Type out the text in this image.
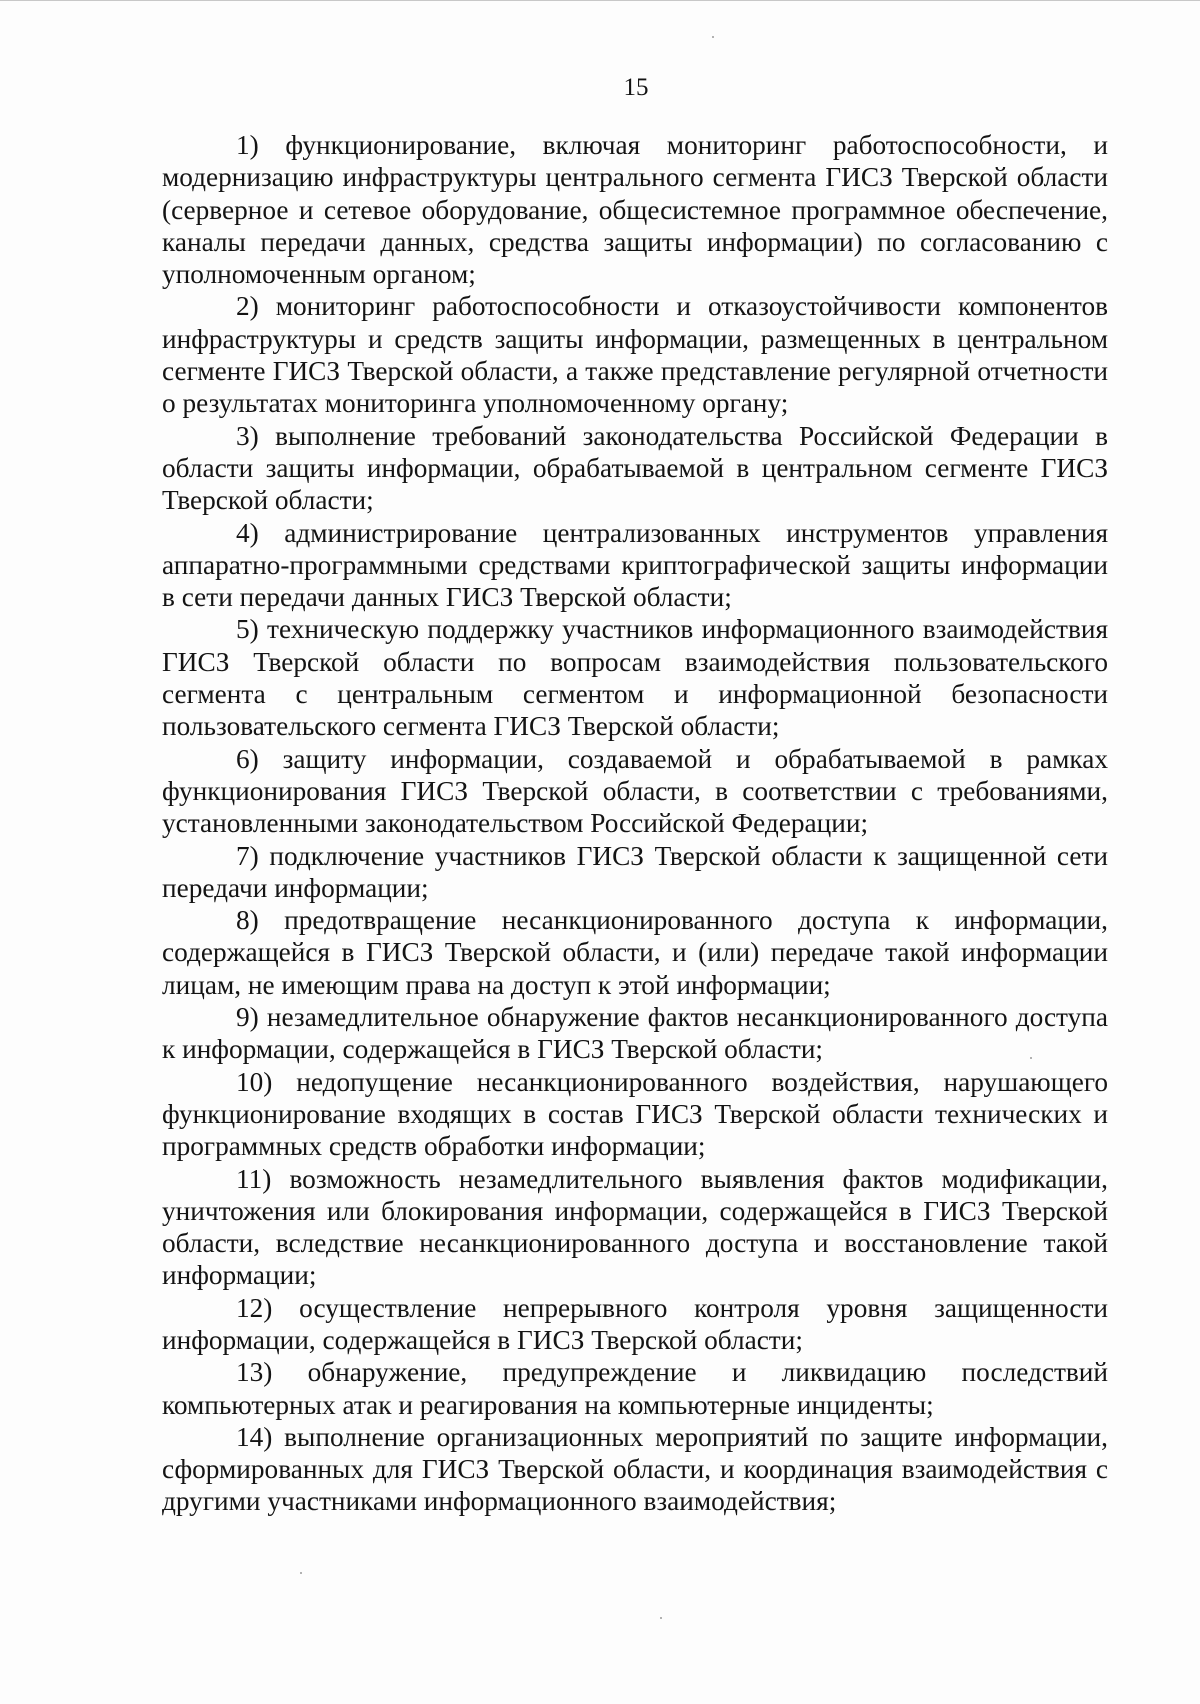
15

1) функционирование, включая мониторинг работоспособности, и модернизацию инфраструктуры центрального сегмента ГИСЗ Тверской области (серверное и сетевое оборудование, общесистемное программное обеспечение, каналы передачи данных, средства защиты информации) по согласованию с уполномоченным органом;

2) мониторинг работоспособности и отказоустойчивости компонентов инфраструктуры и средств защиты информации, размещенных в центральном сегменте ГИСЗ Тверской области, а также представление регулярной отчетности о результатах мониторинга уполномоченному органу;

3) выполнение требований законодательства Российской Федерации в области защиты информации, обрабатываемой в центральном сегменте ГИСЗ Тверской области;

4) администрирование централизованных инструментов управления аппаратно-программными средствами криптографической защиты информации в сети передачи данных ГИСЗ Тверской области;

5) техническую поддержку участников информационного взаимодействия ГИСЗ Тверской области по вопросам взаимодействия пользовательского сегмента с центральным сегментом и информационной безопасности пользовательского сегмента ГИСЗ Тверской области;

6) защиту информации, создаваемой и обрабатываемой в рамках функционирования ГИСЗ Тверской области, в соответствии с требованиями, установленными законодательством Российской Федерации;

7) подключение участников ГИСЗ Тверской области к защищенной сети передачи информации;

8) предотвращение несанкционированного доступа к информации, содержащейся в ГИСЗ Тверской области, и (или) передаче такой информации лицам, не имеющим права на доступ к этой информации;

9) незамедлительное обнаружение фактов несанкционированного доступа к информации, содержащейся в ГИСЗ Тверской области;

10) недопущение несанкционированного воздействия, нарушающего функционирование входящих в состав ГИСЗ Тверской области технических и программных средств обработки информации;

11) возможность незамедлительного выявления фактов модификации, уничтожения или блокирования информации, содержащейся в ГИСЗ Тверской области, вследствие несанкционированного доступа и восстановление такой информации;

12) осуществление непрерывного контроля уровня защищенности информации, содержащейся в ГИСЗ Тверской области;

13) обнаружение, предупреждение и ликвидацию последствий компьютерных атак и реагирования на компьютерные инциденты;

14) выполнение организационных мероприятий по защите информации, сформированных для ГИСЗ Тверской области, и координация взаимодействия с другими участниками информационного взаимодействия;
